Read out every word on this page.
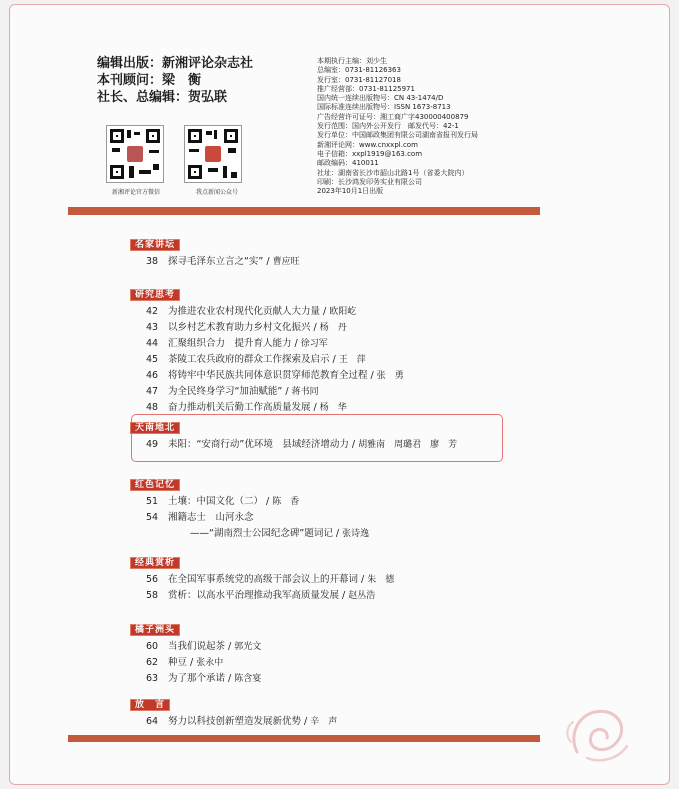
编辑出版：新湘评论杂志社
本刊顾问：梁　衡
社长、总编辑：贺弘联
新湘评论官方微信	我点新闻公众号
本期执行主编：刘少生
总编室：0731-81126363
发行室：0731-81127018
推广经营部：0731-81125971
国内统一连续出版物号：CN 43-1474/D
国际标准连续出版物号：ISSN 1673-8713
广告经营许可证号：湘工商广字430000400879
发行范围：国内外公开发行　邮发代号：42-1
发行单位：中国邮政集团有限公司湖南省报刊发行局
新湘评论网：www.cnxxpl.com
电子信箱：xxpl1919@163.com
邮政编码：410011
社址：湖南省长沙市韶山北路1号（省委大院内）
印刷：长沙鸿发印务实业有限公司
2023年10月1日出版
名家讲坛
38 探寻毛泽东立言之“实” / 曹应旺
研究思考
42 为推进农业农村现代化贡献人大力量 / 欧阳屹
43 以乡村艺术教育助力乡村文化振兴 / 杨　丹
44 汇聚组织合力　提升育人能力 / 徐习军
45 茶陵工农兵政府的群众工作探索及启示 / 王　萍
46 将铸牢中华民族共同体意识贯穿师范教育全过程 / 张　勇
47 为全民终身学习“加油赋能” / 蒋书同
48 奋力推动机关后勤工作高质量发展 / 杨　华
天南地北
49 耒阳：“安商行动”优环境　县域经济增动力 / 胡雅南　周璐君　廖　芳
红色记忆
51 土壤：中国文化（二） / 陈　香
54 湘籍志士　山河永念
——“湖南烈士公园纪念碑”题词记 / 张诗逸
经典赏析
56 在全国军事系统党的高级干部会议上的开幕词 / 朱　德
58 赏析：以高水平治理推动我军高质量发展 / 赵丛浩
橘子洲头
60 当我们说起茶 / 郭光文
62 种豆 / 张永中
63 为了那个承诺 / 陈含宴
放　言
64 努力以科技创新塑造发展新优势 / 辛　声
